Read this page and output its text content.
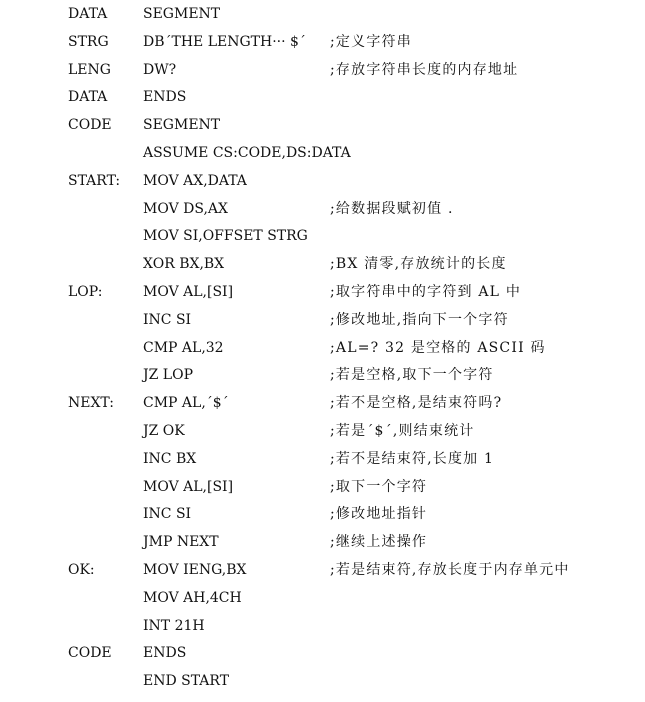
DATA	SEGMENT
STRG DB´THE LENGTH··· $´ ;定义字符串
LENG DW?	;存放字符串长度的内存地址
DATA	ENDS
CODE SEGMENT
ASSUME CS:CODE,DS:DATA
START: MOV AX,DATA
MOV DS,AX	;给数据段赋初值 .
MOV SI,OFFSET STRG
XOR BX,BX	;BX 清零,存放统计的长度
LOP:	MOV AL,[SI]	;取字符串中的字符到 AL 中
INC SI	;修改地址,指向下一个字符
CMP AL,32	;AL=? 32 是空格的 ASCII 码
JZ LOP	;若是空格,取下一个字符
NEXT: CMP AL,´$´	;若不是空格,是结束符吗?
JZ OK	;若是´$´,则结束统计
INC BX	;若不是结束符,长度加 1
MOV AL,[SI]	;取下一个字符
INC SI	;修改地址指针
JMP NEXT	;继续上述操作
OK:	MOV IENG,BX	;若是结束符,存放长度于内存单元中
MOV AH,4CH
INT 21H
CODE ENDS
END START
